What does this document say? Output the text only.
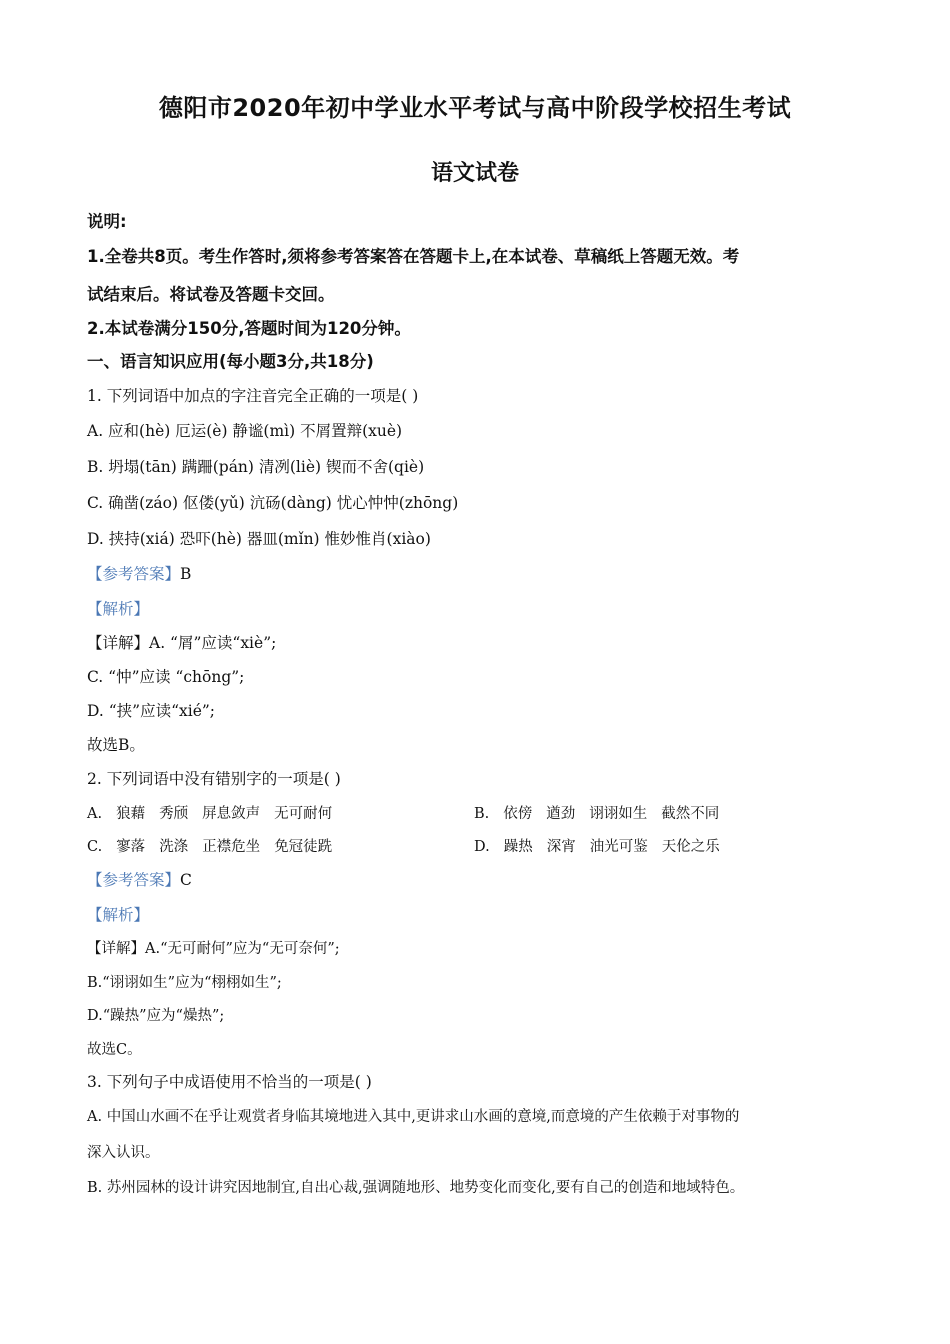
德阳市2020年初中学业水平考试与高中阶段学校招生考试
语文试卷
说明:
1.全卷共8页。考生作答时,须将参考答案答在答题卡上,在本试卷、草稿纸上答题无效。考
试结束后。将试卷及答题卡交回。
2.本试卷满分150分,答题时间为120分钟。
一、语言知识应用(每小题3分,共18分)
1. 下列词语中加点的字注音完全正确的一项是( )
A. 应和(hè) 厄运(è) 静谧(mì) 不屑置辩(xuè)
B. 坍塌(tān) 蹒跚(pán) 清冽(liè) 锲而不舍(qiè)
C. 确凿(záo) 伛偻(yǔ) 沆砀(dàng) 忧心忡忡(zhōng)
D. 挟持(xiá) 恐吓(hè) 器皿(mǐn) 惟妙惟肖(xiào)
【参考答案】B
【解析】
【详解】A. “屑”应读“xiè”;
C. “忡”应读 “chōng”;
D. “挟”应读“xié”;
故选B。
2. 下列词语中没有错别字的一项是( )
A. 狼藉 秀颀 屏息敛声 无可耐何	B. 依傍 遒劲 诩诩如生 截然不同
C. 寥落 洗涤 正襟危坐 免冠徒跣	D. 躁热 深宵 油光可鉴 天伦之乐
【参考答案】C
【解析】
【详解】A.“无可耐何”应为“无可奈何”;
B.“诩诩如生”应为“栩栩如生”;
D.“躁热”应为“燥热”;
故选C。
3. 下列句子中成语使用不恰当的一项是( )
A. 中国山水画不在乎让观赏者身临其境地进入其中,更讲求山水画的意境,而意境的产生依赖于对事物的
深入认识。
B. 苏州园林的设计讲究因地制宜,自出心裁,强调随地形、地势变化而变化,要有自己的创造和地域特色。
